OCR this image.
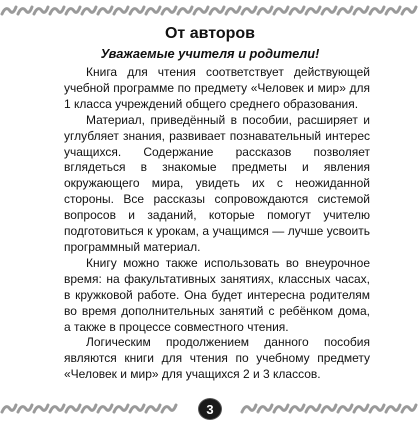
От авторов
Уважаемые учителя и родители!

Книга для чтения соответствует действующей учебной программе по предмету «Человек и мир» для 1 класса учреждений общего среднего образования.

Материал, приведённый в пособии, расширяет и углубляет знания, развивает познавательный интерес учащихся. Содержание рассказов позволяет вглядеться в знакомые предметы и явления окружающего мира, увидеть их с неожиданной стороны. Все рассказы сопровождаются системой вопросов и заданий, которые помогут учителю подготовиться к урокам, а учащимся — лучше усвоить программный материал.

Книгу можно также использовать во внеурочное время: на факультативных занятиях, классных часах, в кружковой работе. Она будет интересна родителям во время дополнительных занятий с ребёнком дома, а также в процессе совместного чтения.

Логическим продолжением данного пособия являются книги для чтения по учебному предмету «Человек и мир» для учащихся 2 и 3 классов.

3
